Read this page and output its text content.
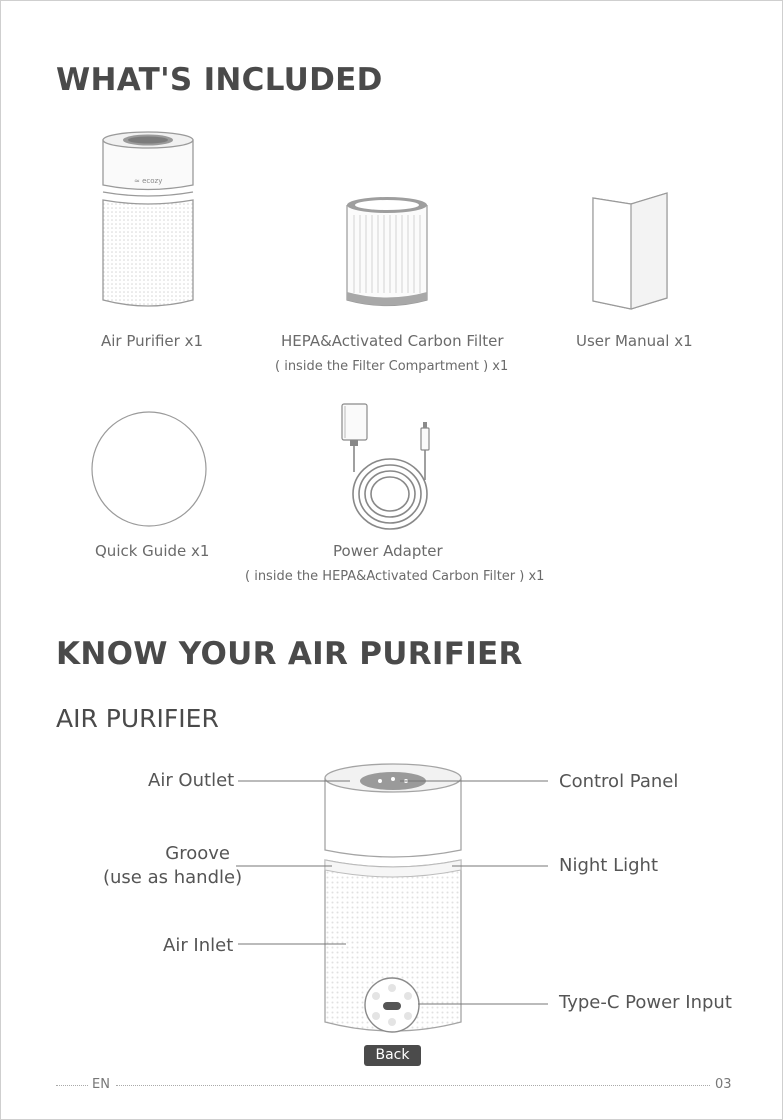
WHAT'S INCLUDED
≈ ecozy
Air Purifier x1	HEPA&Activated Carbon Filter
( inside the Filter Compartment ) x1
User Manual x1
Quick Guide x1	Power Adapter
( inside the HEPA&Activated Carbon Filter ) x1
KNOW YOUR AIR PURIFIER
AIR PURIFIER
Air Outlet	Control Panel
Groove
(use as handle)
Night Light
Air Inlet
Type-C Power Input
Back
EN	03
